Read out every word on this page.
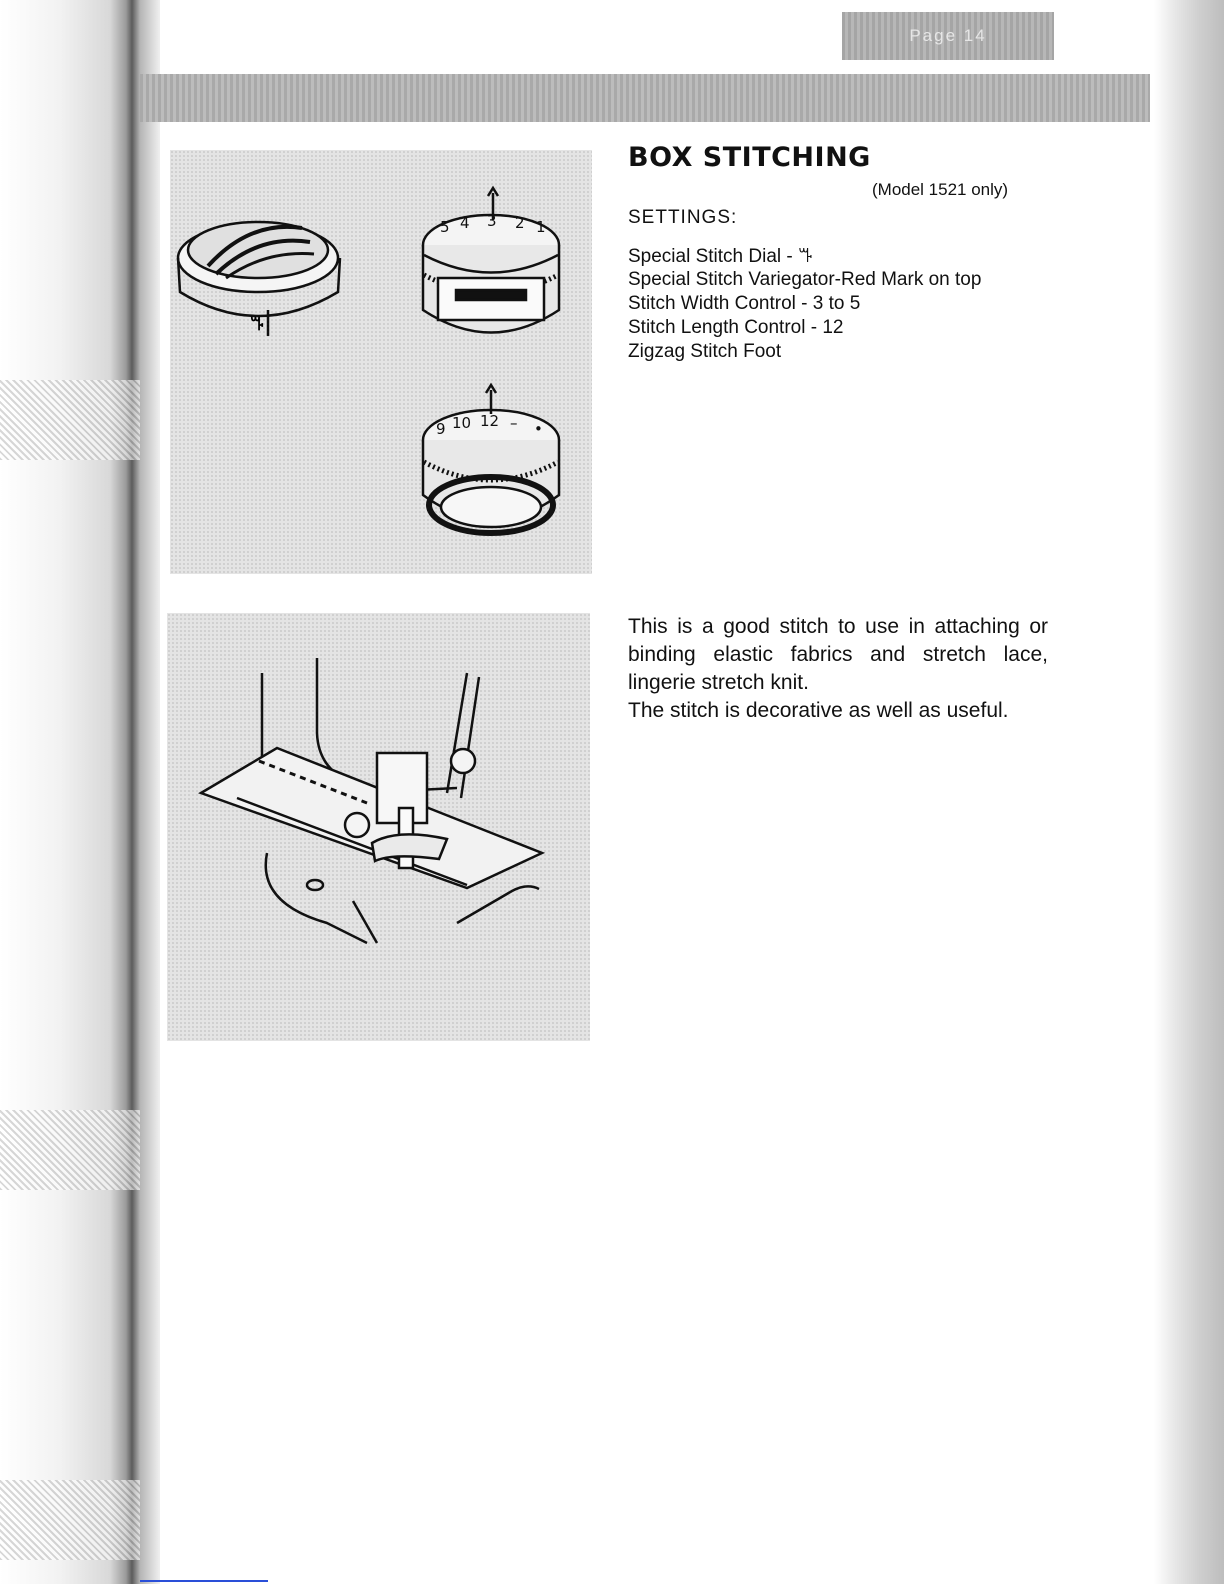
Page 14
ꔒ
5 4 3 2 1
9 10 12 – •
BOX STITCHING
(Model 1521 only)
SETTINGS:
Special Stitch Dial - ꔒ
Special Stitch Variegator-Red Mark on top
Stitch Width Control - 3 to 5
Stitch Length Control - 12
Zigzag Stitch Foot

This is a good stitch to use in attaching or binding elastic fabrics and stretch lace, lingerie stretch knit.

The stitch is decorative as well as useful.
